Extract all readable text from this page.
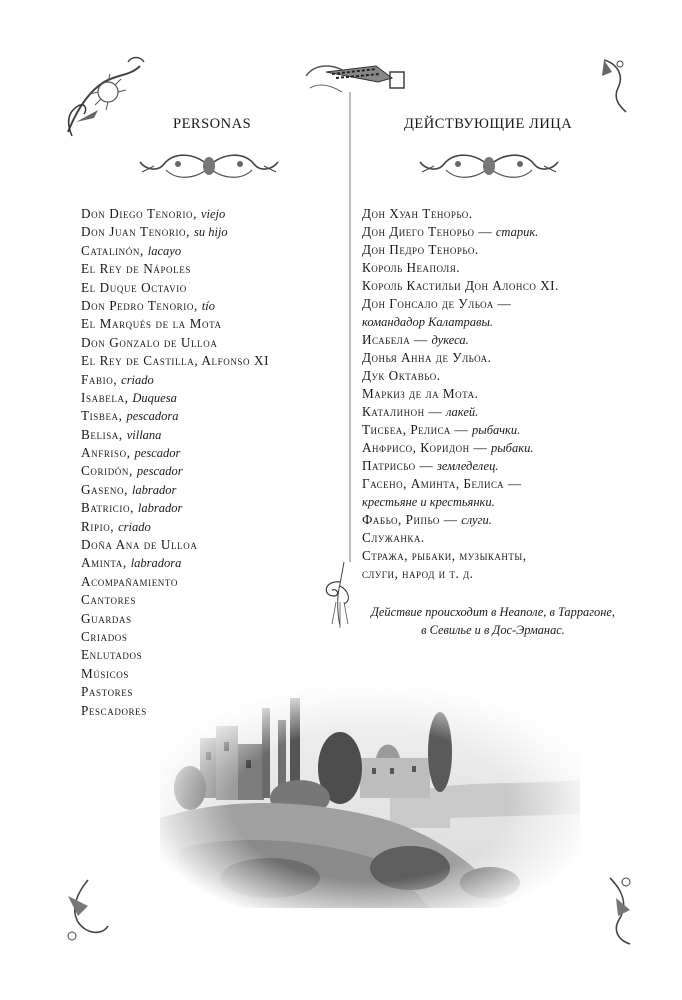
PERSONAS	ДЕЙСТВУЮЩИЕ ЛИЦА
Don Diego Tenorio, viejo
Don Juan Tenorio, su hijo
Catalinón, lacayo
El Rey de Nápoles
El Duque Octavio
Don Pedro Tenorio, tío
El Marqués de la Mota
Don Gonzalo de Ulloa
El Rey de Castilla, Alfonso XI
Fabio, criado
Isabela, Duquesa
Tisbea, pescadora
Belisa, villana
Anfriso, pescador
Coridón, pescador
Gaseno, labrador
Batricio, labrador
Ripio, criado
Doña Ana de Ulloa
Aminta, labradora
Acompañamiento
Cantores
Guardas
Criados
Enlutados
Músicos
Pastores
Pescadores
Дон Хуан Тенорьо.
Дон Диего Тенорьо — старик.
Дон Педро Тенорьо.
Король Неаполя.
Король Кастильи Дон Алонсо XI.
Дон Гонсало де Ульоа —
командадор Калатравы.
Исабела — дукеса.
Донья Анна де Ульоа.
Дук Октавьо.
Маркиз де ла Мота.
Каталинон — лакей.
Тисбеа, Релиса — рыбачки.
Анфрисо, Коридон — рыбаки.
Патрисьо — земледелец.
Гасено, Аминта, Белиса —
крестьяне и крестьянки.
Фабьо, Рипьо — слуги.
Служанка.
Стража, рыбаки, музыканты,
слуги, народ и т. д.
Действие происходит в Неаполе, в Таррагоне,
в Севилье и в Дос-Эрманас.
